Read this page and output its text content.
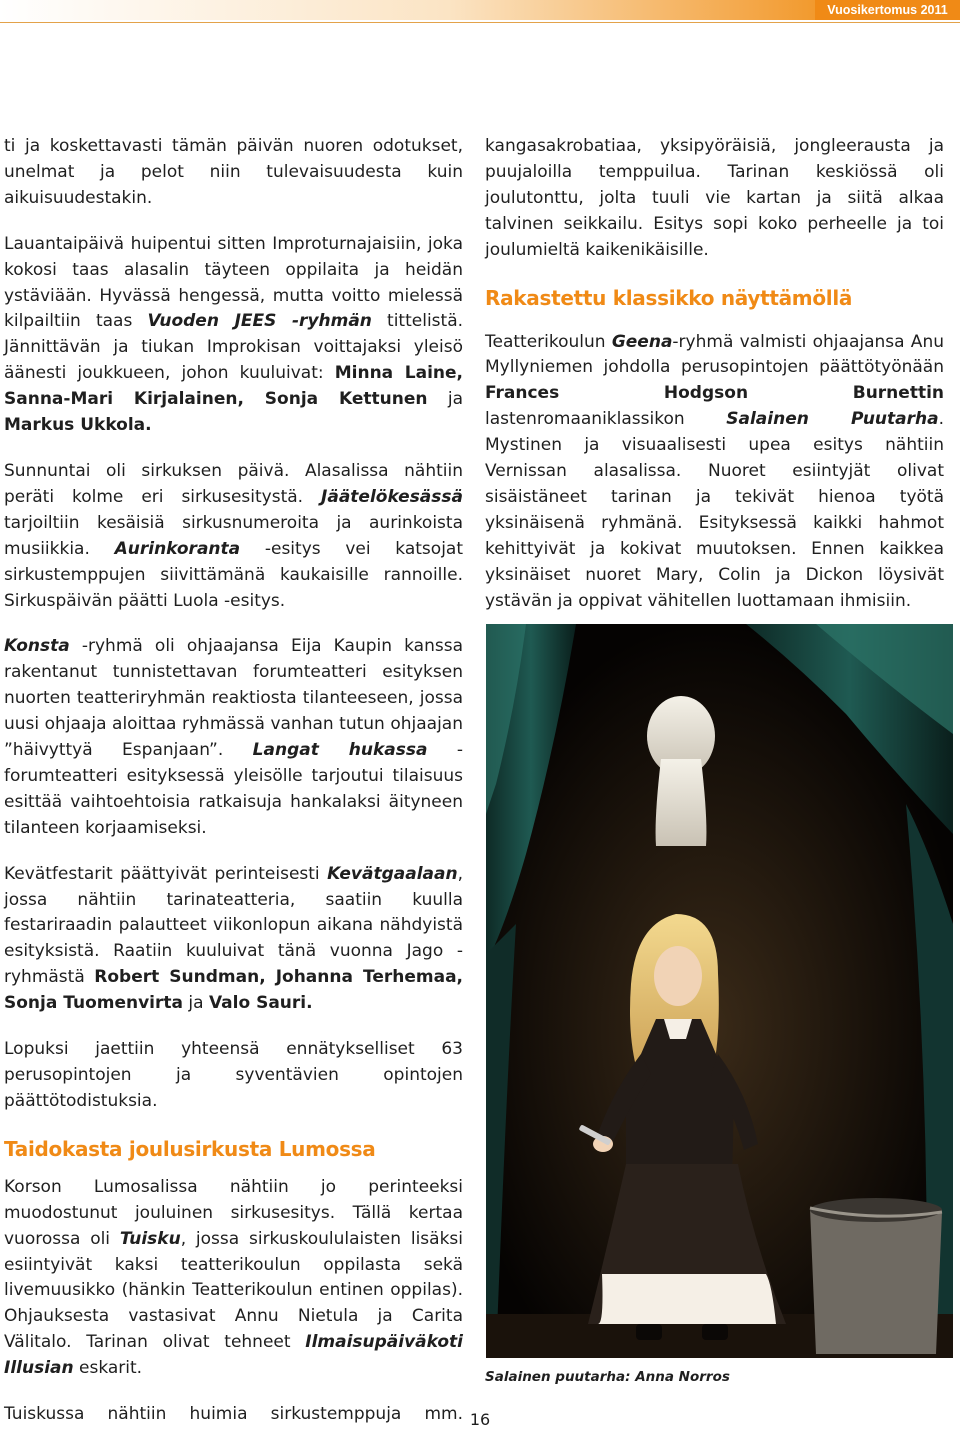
Vuosikertomus 2011

ti ja koskettavasti tämän päivän nuoren odotukset, unelmat ja pelot niin tulevaisuudesta kuin aikuisuudestakin.

Lauantaipäivä huipentui sitten Improturnajaisiin, joka kokosi taas alasalin täyteen oppilaita ja heidän ystäviään. Hyvässä hengessä, mutta voitto mielessä kilpailtiin taas Vuoden JEES -ryhmän tittelistä. Jännittävän ja tiukan Improkisan voittajaksi yleisö äänesti joukkueen, johon kuuluivat: Minna Laine, Sanna-Mari Kirjalainen, Sonja Kettunen ja Markus Ukkola.

Sunnuntai oli sirkuksen päivä. Alasalissa nähtiin peräti kolme eri sirkusesitystä. Jäätelökesässä tarjoiltiin kesäisiä sirkusnumeroita ja aurinkoista musiikkia. Aurinkoranta -esitys vei katsojat sirkustemppujen siivittämänä kaukaisille rannoille. Sirkuspäivän päätti Luola -esitys.

Konsta -ryhmä oli ohjaajansa Eija Kaupin kanssa rakentanut tunnistettavan forumteatteri esityksen nuorten teatteriryhmän reaktiosta tilanteeseen, jossa uusi ohjaaja aloittaa ryhmässä vanhan tutun ohjaajan ”häivyttyä Espanjaan”. Langat hukassa -forumteatteri esityksessä yleisölle tarjoutui tilaisuus esittää vaihtoehtoisia ratkaisuja hankalaksi äityneen tilanteen korjaamiseksi.

Kevätfestarit päättyivät perinteisesti Kevätgaalaan, jossa nähtiin tarinateatteria, saatiin kuulla festariraadin palautteet viikonlopun aikana nähdyistä esityksistä. Raatiin kuuluivat tänä vuonna Jago -ryhmästä Robert Sundman, Johanna Terhemaa, Sonja Tuomenvirta ja Valo Sauri.

Lopuksi jaettiin yhteensä ennätykselliset 63 perusopintojen ja syventävien opintojen päättötodistuksia.

Taidokasta joulusirkusta Lumossa

Korson Lumosalissa nähtiin jo perinteeksi muodostunut jouluinen sirkusesitys. Tällä kertaa vuorossa oli Tuisku, jossa sirkuskoululaisten lisäksi esiintyivät kaksi teatterikoulun oppilasta sekä livemuusikko (hänkin Teatterikoulun entinen oppilas). Ohjauksesta vastasivat Annu Nietula ja Carita Välitalo. Tarinan olivat tehneet Ilmaisupäiväkoti Illusian eskarit.

Tuiskussa nähtiin huimia sirkustemppuja mm.

kangasakrobatiaa, yksipyöräisiä, jongleerausta ja puujaloilla temppuilua. Tarinan keskiössä oli joulutonttu, jolta tuuli vie kartan ja siitä alkaa talvinen seikkailu. Esitys sopi koko perheelle ja toi joulumieltä kaikenikäisille.

Rakastettu klassikko näyttämöllä

Teatterikoulun Geena-ryhmä valmisti ohjaajansa Anu Myllyniemen johdolla perusopintojen päättötyönään Frances Hodgson Burnettin lastenromaaniklassikon Salainen Puutarha. Mystinen ja visuaalisesti upea esitys nähtiin Vernissan alasalissa. Nuoret esiintyjät olivat sisäistäneet tarinan ja tekivät hienoa työtä yksinäisenä ryhmänä. Esityksessä kaikki hahmot kehittyivät ja kokivat muutoksen. Ennen kaikkea yksinäiset nuoret Mary, Colin ja Dickon löysivät ystävän ja oppivat vähitellen luottamaan ihmisiin.

Salainen puutarha: Anna Norros
16
